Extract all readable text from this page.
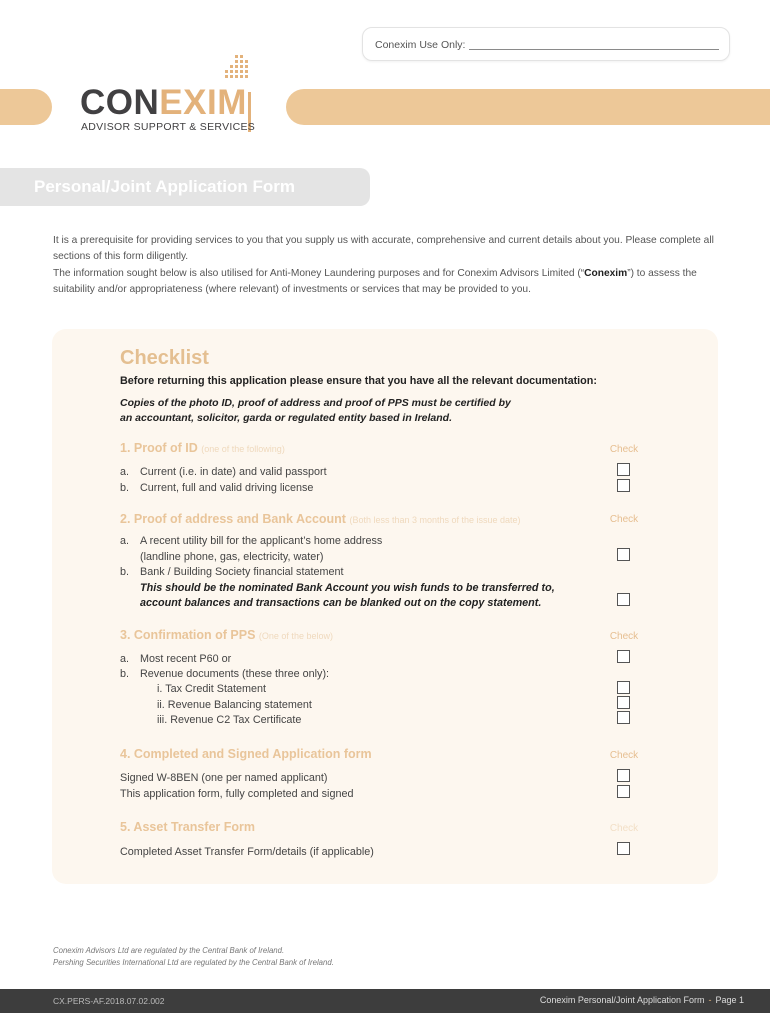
Conexim Use Only:
CONEXIM
ADVISOR SUPPORT & SERVICES
Personal/Joint Application Form

It is a prerequisite for providing services to you that you supply us with accurate, comprehensive and current details about you. Please complete all sections of this form diligently.

The information sought below is also utilised for Anti-Money Laundering purposes and for Conexim Advisors Limited (“Conexim”) to assess the suitability and/or appropriateness (where relevant) of investments or services that may be provided to you.

Checklist
Before returning this application please ensure that you have all the relevant documentation:
Copies of the photo ID, proof of address and proof of PPS must be certified by
an accountant, solicitor, garda or regulated entity based in Ireland.
1. Proof of ID (one of the following)	Check
a. Current (i.e. in date) and valid passport
b. Current, full and valid driving license
2. Proof of address and Bank Account (Both less than 3 months of the issue date)	Check
a. A recent utility bill for the applicant’s home address
(landline phone, gas, electricity, water)
b. Bank / Building Society financial statement
This should be the nominated Bank Account you wish funds to be transferred to,
account balances and transactions can be blanked out on the copy statement.
3. Confirmation of PPS (One of the below)	Check
a. Most recent P60 or
b. Revenue documents (these three only):
i. Tax Credit Statement
ii. Revenue Balancing statement
iii. Revenue C2 Tax Certificate
4. Completed and Signed Application form	Check
Signed W-8BEN (one per named applicant)
This application form, fully completed and signed
5. Asset Transfer Form	Check
Completed Asset Transfer Form/details (if applicable)
Conexim Advisors Ltd are regulated by the Central Bank of Ireland.
Pershing Securities International Ltd are regulated by the Central Bank of Ireland.
CX.PERS-AF.2018.07.02.002	Conexim Personal/Joint Application Form - Page 1
